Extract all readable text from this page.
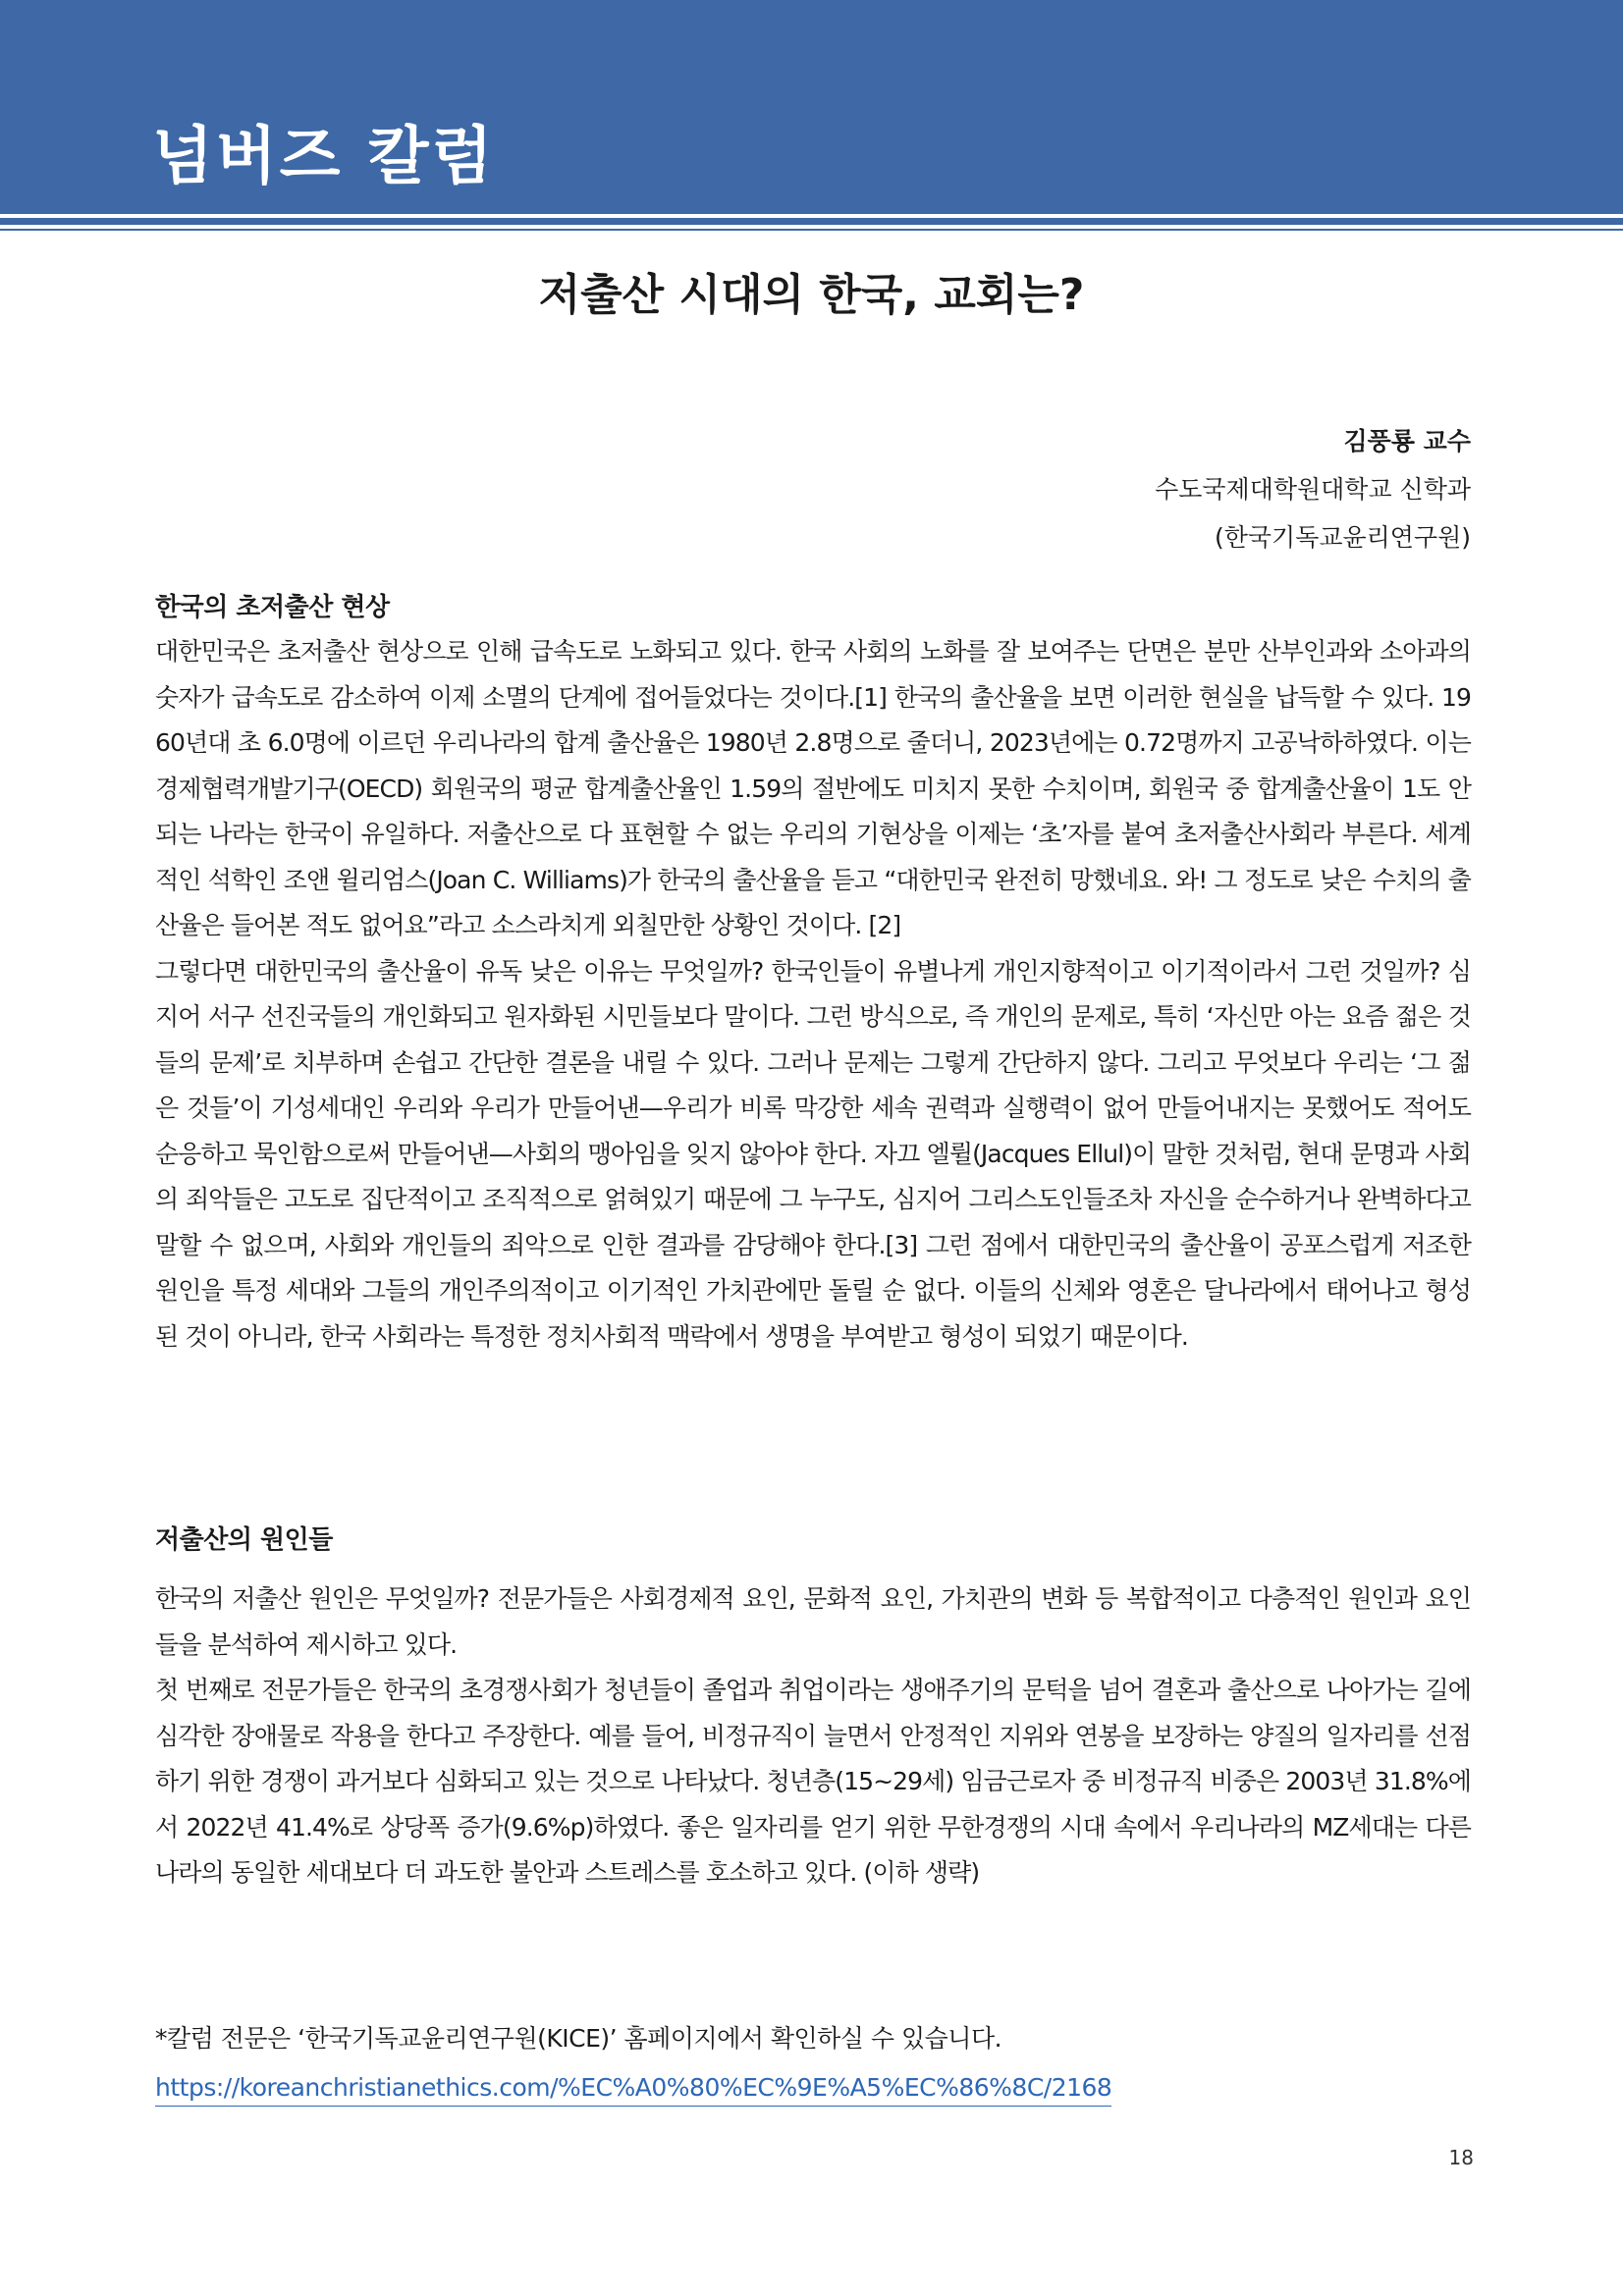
넘버즈 칼럼
저출산 시대의 한국, 교회는?
김풍룡 교수
수도국제대학원대학교 신학과
(한국기독교윤리연구원)
한국의 초저출산 현상

대한민국은 초저출산 현상으로 인해 급속도로 노화되고 있다. 한국 사회의 노화를 잘 보여주는 단면은 분만 산부인과와 소아과의 숫자가 급속도로 감소하여 이제 소멸의 단계에 접어들었다는 것이다.[1] 한국의 출산율을 보면 이러한 현실을 납득할 수 있다. 1960년대 초 6.0명에 이르던 우리나라의 합계 출산율은 1980년 2.8명으로 줄더니, 2023년에는 0.72명까지 고공낙하하였다. 이는 경제협력개발기구(OECD) 회원국의 평균 합계출산율인 1.59의 절반에도 미치지 못한 수치이며, 회원국 중 합계출산율이 1도 안 되는 나라는 한국이 유일하다. 저출산으로 다 표현할 수 없는 우리의 기현상을 이제는 ‘초’자를 붙여 초저출산사회라 부른다. 세계적인 석학인 조앤 윌리엄스(Joan C. Williams)가 한국의 출산율을 듣고 “대한민국 완전히 망했네요. 와! 그 정도로 낮은 수치의 출산율은 들어본 적도 없어요”라고 소스라치게 외칠만한 상황인 것이다. [2]

그렇다면 대한민국의 출산율이 유독 낮은 이유는 무엇일까? 한국인들이 유별나게 개인지향적이고 이기적이라서 그런 것일까? 심지어 서구 선진국들의 개인화되고 원자화된 시민들보다 말이다. 그런 방식으로, 즉 개인의 문제로, 특히 ‘자신만 아는 요즘 젊은 것들의 문제’로 치부하며 손쉽고 간단한 결론을 내릴 수 있다. 그러나 문제는 그렇게 간단하지 않다. 그리고 무엇보다 우리는 ‘그 젊은 것들’이 기성세대인 우리와 우리가 만들어낸—우리가 비록 막강한 세속 권력과 실행력이 없어 만들어내지는 못했어도 적어도 순응하고 묵인함으로써 만들어낸—사회의 맹아임을 잊지 않아야 한다. 자끄 엘륄(Jacques Ellul)이 말한 것처럼, 현대 문명과 사회의 죄악들은 고도로 집단적이고 조직적으로 얽혀있기 때문에 그 누구도, 심지어 그리스도인들조차 자신을 순수하거나 완벽하다고 말할 수 없으며, 사회와 개인들의 죄악으로 인한 결과를 감당해야 한다.[3] 그런 점에서 대한민국의 출산율이 공포스럽게 저조한 원인을 특정 세대와 그들의 개인주의적이고 이기적인 가치관에만 돌릴 순 없다. 이들의 신체와 영혼은 달나라에서 태어나고 형성된 것이 아니라, 한국 사회라는 특정한 정치사회적 맥락에서 생명을 부여받고 형성이 되었기 때문이다.

저출산의 원인들

한국의 저출산 원인은 무엇일까? 전문가들은 사회경제적 요인, 문화적 요인, 가치관의 변화 등 복합적이고 다층적인 원인과 요인들을 분석하여 제시하고 있다.

첫 번째로 전문가들은 한국의 초경쟁사회가 청년들이 졸업과 취업이라는 생애주기의 문턱을 넘어 결혼과 출산으로 나아가는 길에 심각한 장애물로 작용을 한다고 주장한다. 예를 들어, 비정규직이 늘면서 안정적인 지위와 연봉을 보장하는 양질의 일자리를 선점하기 위한 경쟁이 과거보다 심화되고 있는 것으로 나타났다. 청년층(15~29세) 임금근로자 중 비정규직 비중은 2003년 31.8%에서 2022년 41.4%로 상당폭 증가(9.6%p)하였다. 좋은 일자리를 얻기 위한 무한경쟁의 시대 속에서 우리나라의 MZ세대는 다른 나라의 동일한 세대보다 더 과도한 불안과 스트레스를 호소하고 있다. (이하 생략)

*칼럼 전문은 ‘한국기독교윤리연구원(KICE)’ 홈페이지에서 확인하실 수 있습니다.
https://koreanchristianethics.com/%EC%A0%80%EC%9E%A5%EC%86%8C/2168
18
